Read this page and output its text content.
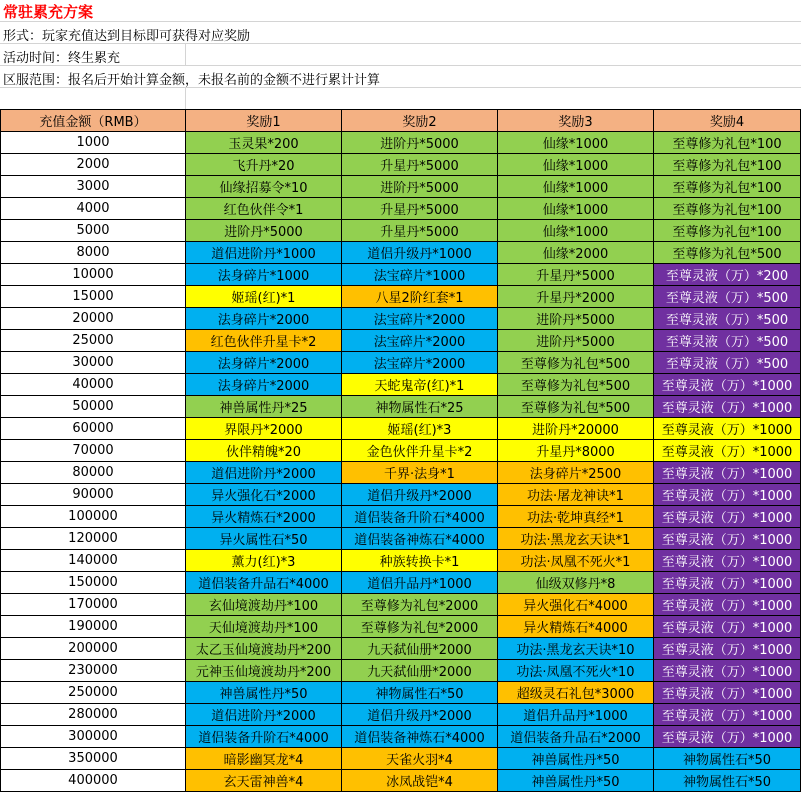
常驻累充方案
形式：玩家充值达到目标即可获得对应奖励
活动时间：终生累充
区服范围：报名后开始计算金额，未报名前的金额不进行累计计算
充值金额（RMB）	奖励1	奖励2	奖励3	奖励4
1000	玉灵果*200	进阶丹*5000	仙缘*1000	至尊修为礼包*100
2000	飞升丹*20	升星丹*5000	仙缘*1000	至尊修为礼包*100
3000	仙缘招募令*10	进阶丹*5000	仙缘*1000	至尊修为礼包*100
4000	红色伙伴令*1	升星丹*5000	仙缘*1000	至尊修为礼包*100
5000	进阶丹*5000	升星丹*5000	仙缘*1000	至尊修为礼包*100
8000	道侣进阶丹*1000	道侣升级丹*1000	仙缘*2000	至尊修为礼包*500
10000	法身碎片*1000	法宝碎片*1000	升星丹*5000	至尊灵液（万）*200
15000	姬瑶(红)*1	八星2阶红套*1	升星丹*2000	至尊灵液（万）*500
20000	法身碎片*2000	法宝碎片*2000	进阶丹*5000	至尊灵液（万）*500
25000	红色伙伴升星卡*2	法宝碎片*2000	进阶丹*5000	至尊灵液（万）*500
30000	法身碎片*2000	法宝碎片*2000	至尊修为礼包*500	至尊灵液（万）*500
40000	法身碎片*2000	天蛇鬼帝(红)*1	至尊修为礼包*500	至尊灵液（万）*1000
50000	神兽属性丹*25	神物属性石*25	至尊修为礼包*500	至尊灵液（万）*1000
60000	界限丹*2000	姬瑶(红)*3	进阶丹*20000	至尊灵液（万）*1000
70000	伙伴精魄*20	金色伙伴升星卡*2	升星丹*8000	至尊灵液（万）*1000
80000	道侣进阶丹*2000	千界·法身*1	法身碎片*2500	至尊灵液（万）*1000
90000	异火强化石*2000	道侣升级丹*2000	功法·屠龙神诀*1	至尊灵液（万）*1000
100000	异火精炼石*2000	道侣装备升阶石*4000	功法·乾坤真经*1	至尊灵液（万）*1000
120000	异火属性石*50	道侣装备神炼石*4000	功法·黑龙玄天诀*1	至尊灵液（万）*1000
140000	薰力(红)*3	种族转换卡*1	功法·凤凰不死火*1	至尊灵液（万）*1000
150000	道侣装备升品石*4000	道侣升品丹*1000	仙级双修丹*8	至尊灵液（万）*1000
170000	玄仙境渡劫丹*100	至尊修为礼包*2000	异火强化石*4000	至尊灵液（万）*1000
190000	天仙境渡劫丹*100	至尊修为礼包*2000	异火精炼石*4000	至尊灵液（万）*1000
200000	太乙玉仙境渡劫丹*200	九天弑仙册*2000	功法·黑龙玄天诀*10	至尊灵液（万）*1000
230000	元神玉仙境渡劫丹*200	九天弑仙册*2000	功法·凤凰不死火*10	至尊灵液（万）*1000
250000	神兽属性丹*50	神物属性石*50	超级灵石礼包*3000	至尊灵液（万）*1000
280000	道侣进阶丹*2000	道侣升级丹*2000	道侣升品丹*1000	至尊灵液（万）*1000
300000	道侣装备升阶石*4000	道侣装备神炼石*4000	道侣装备升品石*2000	至尊灵液（万）*1000
350000	暗影幽冥龙*4	天雀火羽*4	神兽属性丹*50	神物属性石*50
400000	玄天雷神兽*4	冰凤战铠*4	神兽属性丹*50	神物属性石*50
